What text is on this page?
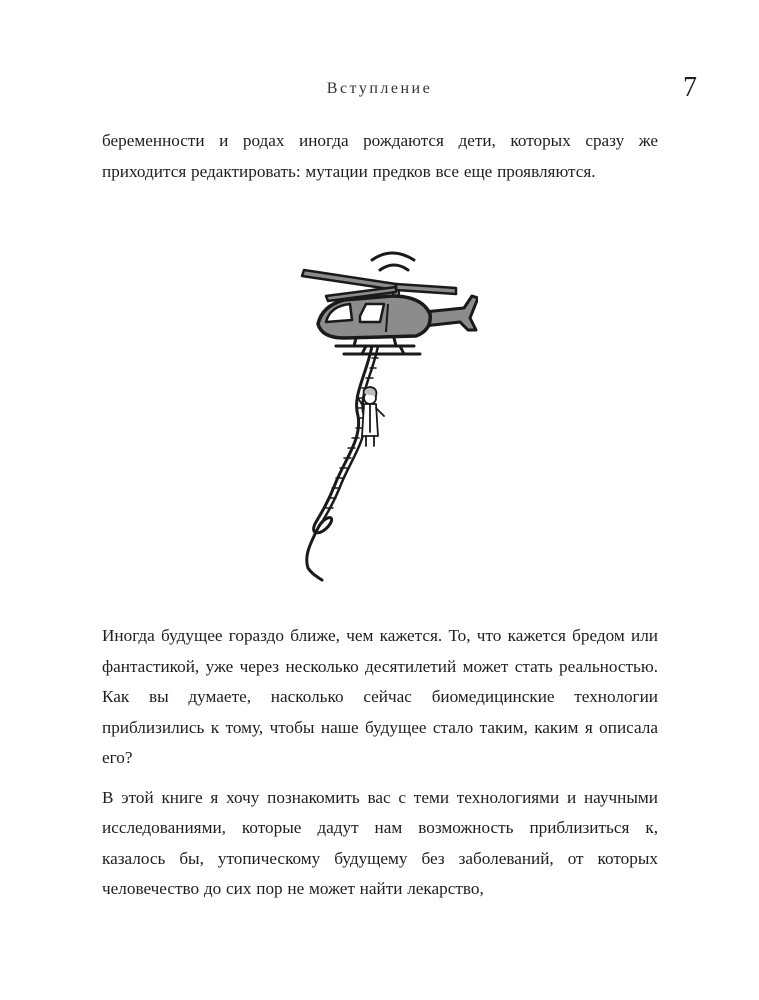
Вступление	7

беременности и родах иногда рождаются дети, которых сразу же приходится редактировать: мутации предков все еще проявляются.

Иногда будущее гораздо ближе, чем кажется. То, что кажется бредом или фантастикой, уже через несколько десятилетий может стать реальностью. Как вы думаете, насколько сейчас биомедицинские технологии приблизились к тому, чтобы наше будущее стало таким, каким я описала его?

В этой книге я хочу познакомить вас с теми технологиями и научными исследованиями, которые дадут нам возможность приблизиться к, казалось бы, утопическому будущему без заболеваний, от которых человечество до сих пор не может найти лекарство,
